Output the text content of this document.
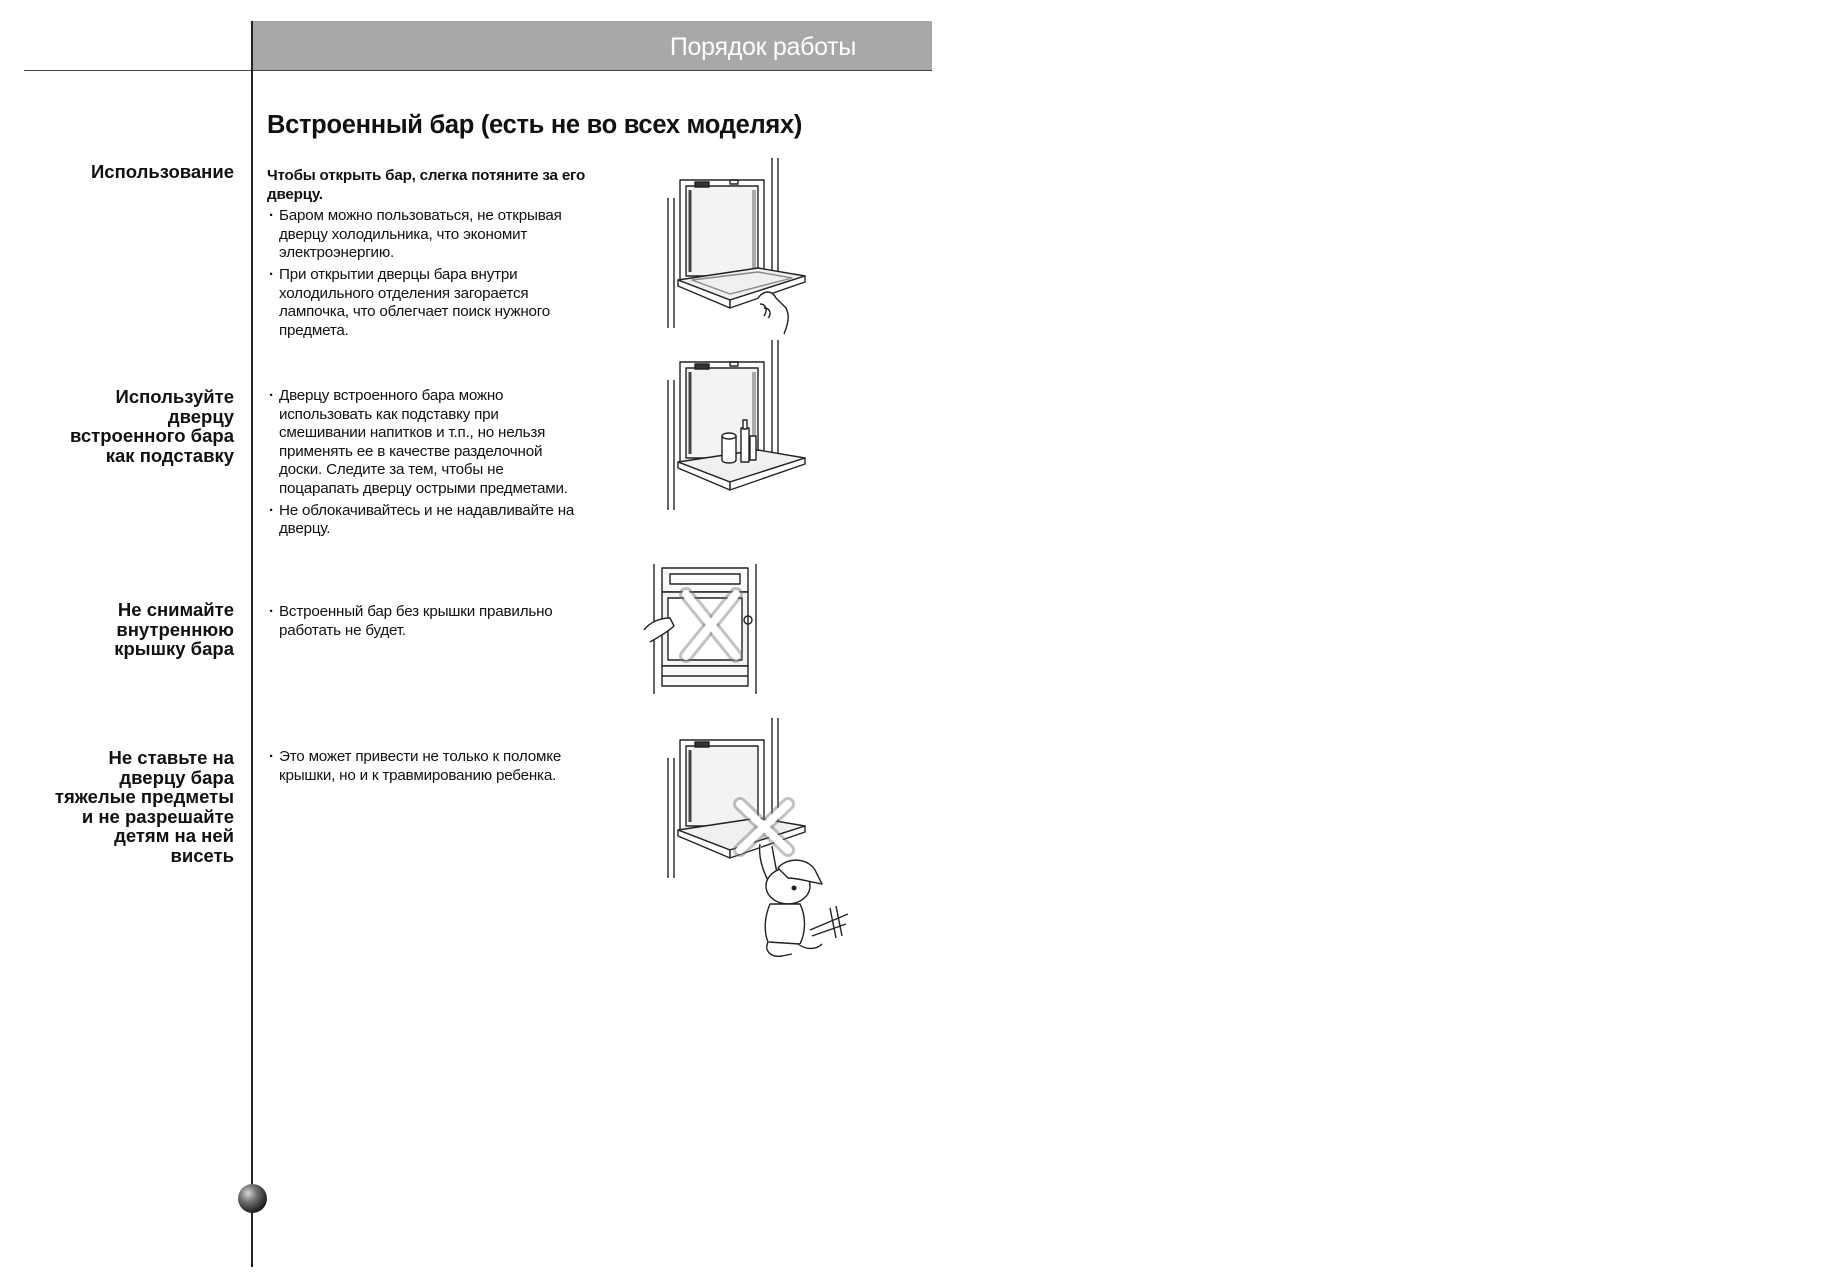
Порядок работы
Встроенный бар (есть не во всех моделях)
Использование Чтобы открыть бар, слегка потяните за его дверцу.

· Баром можно пользоваться, не открывая дверцу холодильника, что экономит электроэнергию.
· При открытии дверцы бара внутри холодильного отделения загорается лампочка, что облегчает поиск нужного предмета.
Используйте дверцу встроенного бара как подставку
· Дверцу встроенного бара можно использовать как подставку при смешивании напитков и т.п., но нельзя применять ее в качестве разделочной доски. Следите за тем, чтобы не поцарапать дверцу острыми предметами.
· Не облокачивайтесь и не надавливайте на дверцу.
Не снимайте внутреннюю крышку бара
· Встроенный бар без крышки правильно работать не будет.
Не ставьте на дверцу бара тяжелые предметы и не разрешайте детям на ней висеть
· Это может привести не только к поломке крышки, но и к травмированию ребенка.
